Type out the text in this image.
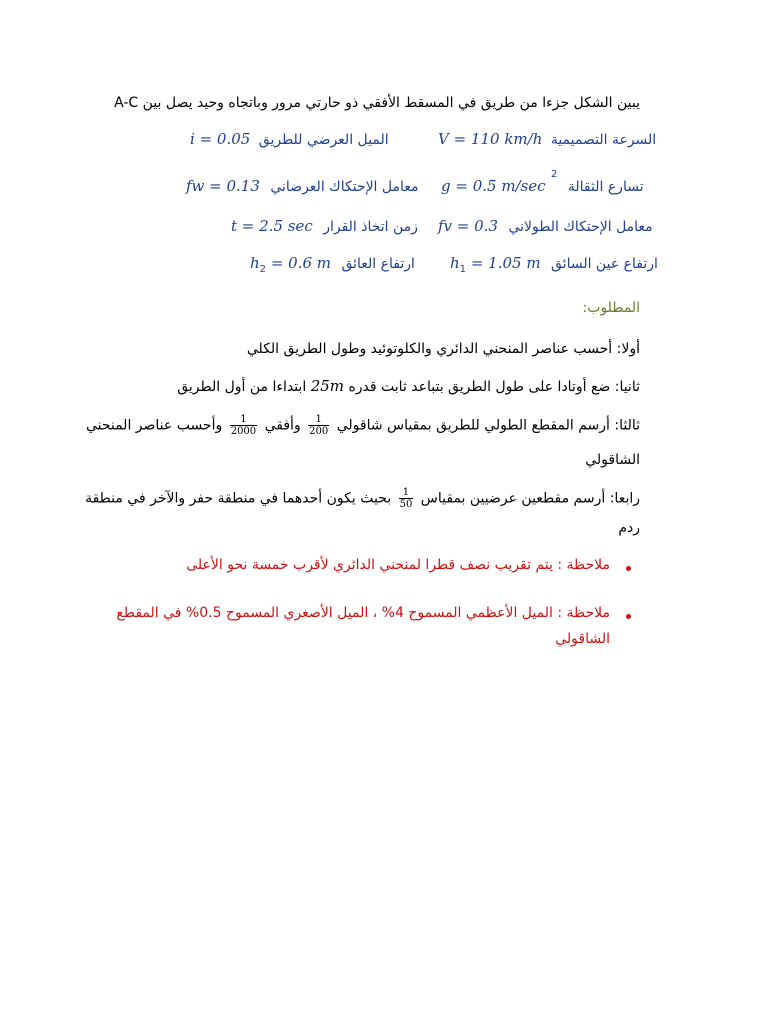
يبين الشكل جزءا من طريق في المسقط الأفقي ذو حارتي مرور وباتجاه وحيد يصل بين A-C
V = 110 km/h السرعة التصميمية
i = 0.05 الميل العرضي للطريق
g = 0.5 m/sec $^2$ تسارع الثقالة
fw = 0.13 معامل الإحتكاك العرضاني
fv = 0.3 معامل الإحتكاك الطولاني
t = 2.5 sec زمن اتخاذ القرار
$h_1 = 1.05$ m ارتفاع عين السائق
$h_2 = 0.6$ m ارتفاع العائق
المطلوب:
أولا: أحسب عناصر المنحني الدائري والكلوتوئيد وطول الطريق الكلي
ثانيا: ضع أوتادا على طول الطريق بتباعد ثابت قدره 25m ابتداءا من أول الطريق
ثالثا: أرسم المقطع الطولي للطريق بمقياس شاقولي
$\frac{1}{200}$
وأفقي
$\frac{1}{2000}$
وأحسب عناصر المنحني
الشاقولي
رابعا: أرسم مقطعين عرضيين بمقياس
$\frac{1}{50}$
بحيث يكون أحدهما في منطقة حفر والآخر في منطقة
ردم
ملاحظة : يتم تقريب نصف قطرا لمنحني الدائري لأقرب خمسة نحو الأعلى
ملاحظة : الميل الأعظمي المسموح 4% ، الميل الأصغري المسموح 0.5% في المقطع
الشاقولي
